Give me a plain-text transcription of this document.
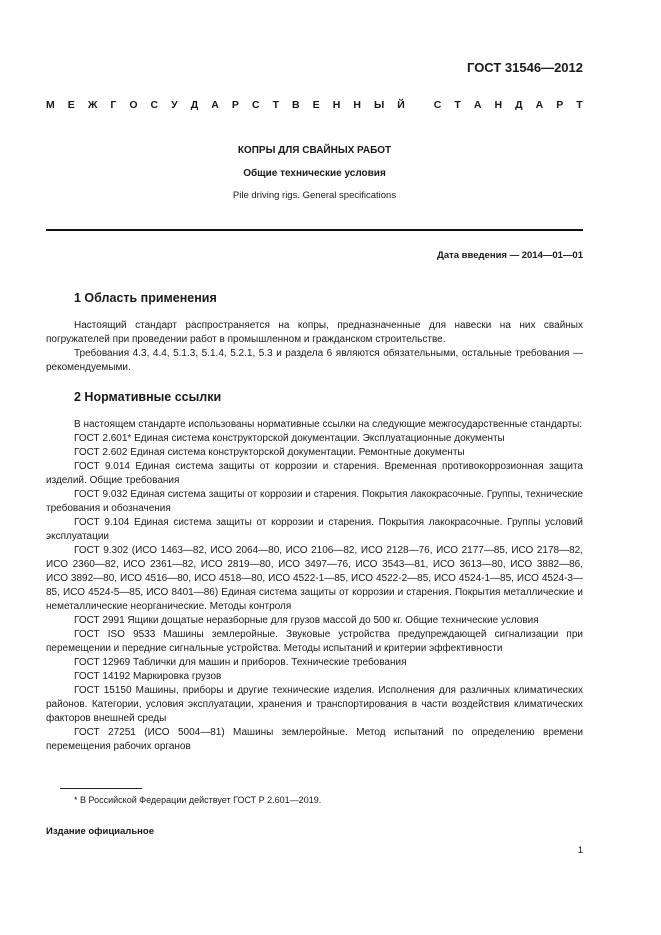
ГОСТ 31546—2012
М Е Ж Г О С У Д А Р С Т В Е Н Н Ы Й
	С Т А Н Д А Р Т
КОПРЫ ДЛЯ СВАЙНЫХ РАБОТ
Общие технические условия
Pile driving rigs. General specifications
Дата введения — 2014—01—01
1 Область применения

Настоящий стандарт распространяется на копры, предназначенные для навески на них свайных погружателей при проведении работ в промышленном и гражданском строительстве.

Требования 4.3, 4.4, 5.1.3, 5.1.4, 5.2.1, 5.3 и раздела 6 являются обязательными, остальные требования — рекомендуемыми.

2 Нормативные ссылки

В настоящем стандарте использованы нормативные ссылки на следующие межгосударственные стандарты:

ГОСТ 2.601* Единая система конструкторской документации. Эксплуатационные документы

ГОСТ 2.602 Единая система конструкторской документации. Ремонтные документы

ГОСТ 9.014 Единая система защиты от коррозии и старения. Временная противокоррозионная защита изделий. Общие требования

ГОСТ 9.032 Единая система защиты от коррозии и старения. Покрытия лакокрасочные. Группы, технические требования и обозначения

ГОСТ 9.104 Единая система защиты от коррозии и старения. Покрытия лакокрасочные. Группы условий эксплуатации

ГОСТ 9.302 (ИСО 1463—82, ИСО 2064—80, ИСО 2106—82, ИСО 2128—76, ИСО 2177—85, ИСО 2178—82, ИСО 2360—82, ИСО 2361—82, ИСО 2819—80, ИСО 3497—76, ИСО 3543—81, ИСО 3613—80, ИСО 3882—86, ИСО 3892—80, ИСО 4516—80, ИСО 4518—80, ИСО 4522-1—85, ИСО 4522-2—85, ИСО 4524-1—85, ИСО 4524-3—85, ИСО 4524-5—85, ИСО 8401—86) Единая система защиты от коррозии и старения. Покрытия металлические и неметаллические неорганические. Методы контроля

ГОСТ 2991 Ящики дощатые неразборные для грузов массой до 500 кг. Общие технические условия

ГОСТ ISO 9533 Машины землеройные. Звуковые устройства предупреждающей сигнализации при перемещении и передние сигнальные устройства. Методы испытаний и критерии эффективности

ГОСТ 12969 Таблички для машин и приборов. Технические требования

ГОСТ 14192 Маркировка грузов

ГОСТ 15150 Машины, приборы и другие технические изделия. Исполнения для различных климатических районов. Категории, условия эксплуатации, хранения и транспортирования в части воздействия климатических факторов внешней среды

ГОСТ 27251 (ИСО 5004—81) Машины землеройные. Метод испытаний по определению времени перемещения рабочих органов

* В Российской Федерации действует ГОСТ Р 2.601—2019.
Издание официальное
1
